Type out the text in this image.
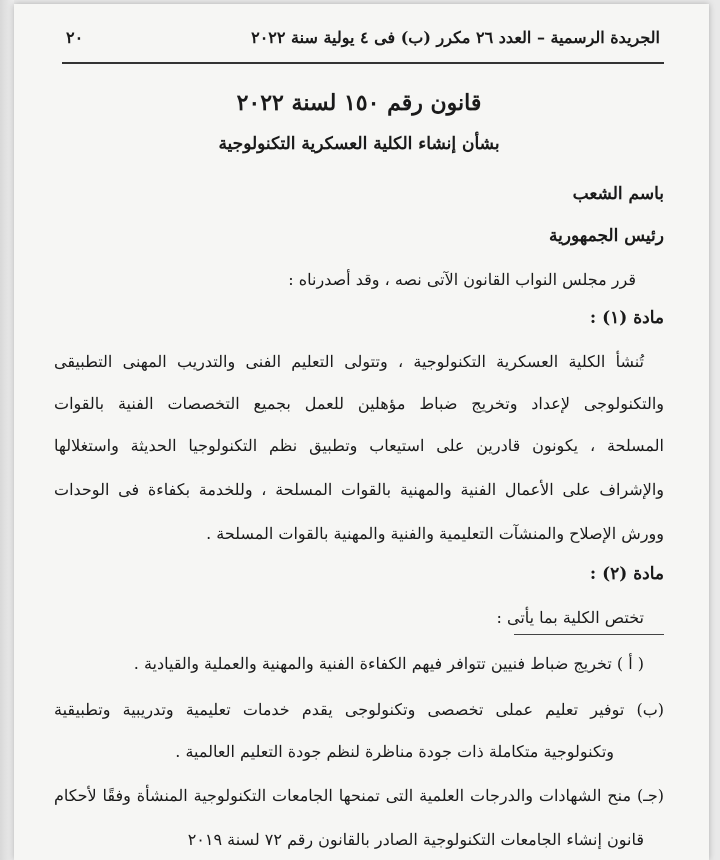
الجريدة الرسمية – العدد ٢٦ مكرر (ب) فى ٤ يولية سنة ٢٠٢٢
٢٠
قانون رقم ١٥٠ لسنة ٢٠٢٢
بشأن إنشاء الكلية العسكرية التكنولوجية
باسم الشعب
رئيس الجمهورية
قرر مجلس النواب القانون الآتى نصه ، وقد أصدرناه :
مادة (١) :
تُنشأ الكلية العسكرية التكنولوجية ، وتتولى التعليم الفنى والتدريب المهنى التطبيقى
والتكنولوجى لإعداد وتخريج ضباط مؤهلين للعمل بجميع التخصصات الفنية بالقوات
المسلحة ، يكونون قادرين على استيعاب وتطبيق نظم التكنولوجيا الحديثة واستغلالها
والإشراف على الأعمال الفنية والمهنية بالقوات المسلحة ، وللخدمة بكفاءة فى الوحدات
وورش الإصلاح والمنشآت التعليمية والفنية والمهنية بالقوات المسلحة .
مادة (٢) :
تختص الكلية بما يأتى :
( أ ) تخريج ضباط فنيين تتوافر فيهم الكفاءة الفنية والمهنية والعملية والقيادية .
(ب) توفير تعليم عملى تخصصى وتكنولوجى يقدم خدمات تعليمية وتدريبية وتطبيقية
وتكنولوجية متكاملة ذات جودة مناظرة لنظم جودة التعليم العالمية .
(جـ) منح الشهادات والدرجات العلمية التى تمنحها الجامعات التكنولوجية المنشأة وفقًا لأحكام
قانون إنشاء الجامعات التكنولوجية الصادر بالقانون رقم ٧٢ لسنة ٢٠١٩
